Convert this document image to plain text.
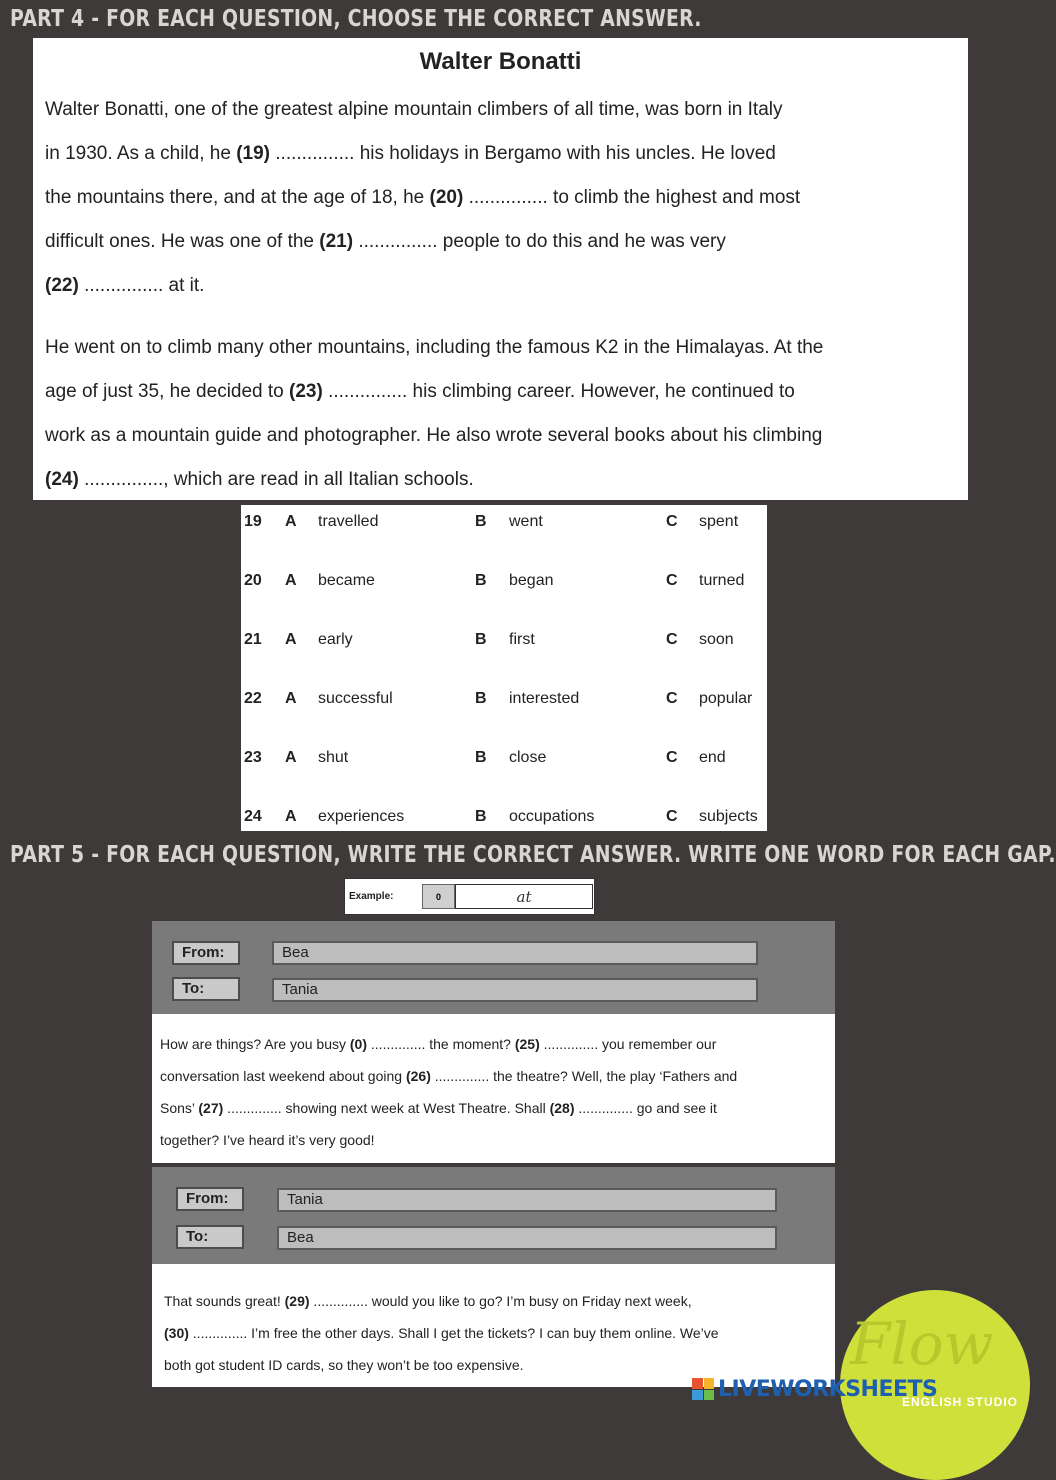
PART 4 - FOR EACH QUESTION, CHOOSE THE CORRECT ANSWER.
Walter Bonatti
Walter Bonatti, one of the greatest alpine mountain climbers of all time, was born in Italy
in 1930. As a child, he (19) ............... his holidays in Bergamo with his uncles. He loved
the mountains there, and at the age of 18, he (20) ............... to climb the highest and most
difficult ones. He was one of the (21) ............... people to do this and he was very
(22) ............... at it.
He went on to climb many other mountains, including the famous K2 in the Himalayas. At the
age of just 35, he decided to (23) ............... his climbing career. However, he continued to
work as a mountain guide and photographer. He also wrote several books about his climbing
(24) ..............., which are read in all Italian schools.
19 A travelled	B went	C spent
20 A became	B began	C turned
21 A early	B first	C soon
22 A successful	B interested	C popular
23 A shut	B close	C end
24 A experiences	B occupations	C subjects
PART 5 - FOR EACH QUESTION, WRITE THE CORRECT ANSWER. WRITE ONE WORD FOR EACH GAP.
Example:	0	at
From:	Bea
To:	Tania
How are things? Are you busy (0) .............. the moment? (25) .............. you remember our
conversation last weekend about going (26) .............. the theatre? Well, the play ‘Fathers and
Sons’ (27) .............. showing next week at West Theatre. Shall (28) .............. go and see it
together? I’ve heard it’s very good!
From:	Tania
To:	Bea
That sounds great! (29) .............. would you like to go? I’m busy on Friday next week,
(30) .............. I’m free the other days. Shall I get the tickets? I can buy them online. We’ve
both got student ID cards, so they won’t be too expensive.	Flow
ENGLISH STUDIO
LIVEWORKSHEETS
